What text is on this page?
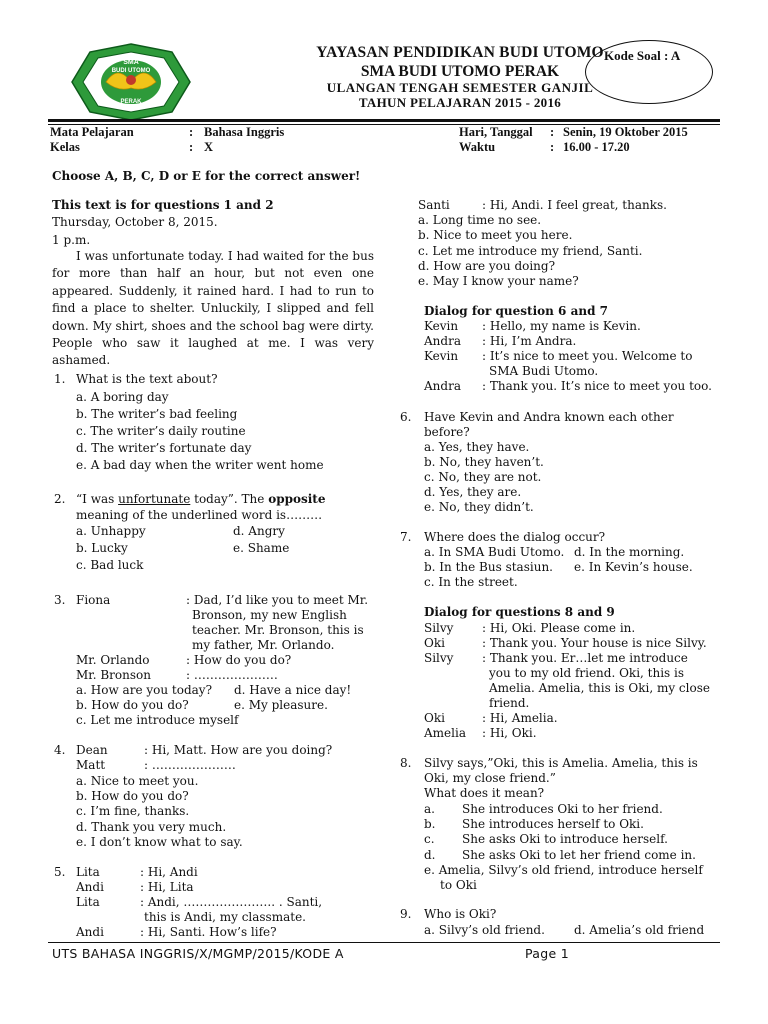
SMA
BUDI UTOMO
PERAK
YAYASAN PENDIDIKAN BUDI UTOMO
SMA BUDI UTOMO PERAK
ULANGAN TENGAH SEMESTER GANJIL
TAHUN PELAJARAN 2015 - 2016
Kode Soal : A
Mata Pelajaran	: Bahasa Inggris
Kelas	: X
Hari, Tanggal : Senin, 19 Oktober 2015
Waktu	: 16.00 - 17.20
Choose A, B, C, D or E for the correct answer!
This text is for questions 1 and 2
Thursday, October 8, 2015.
1 p.m.
I was unfortunate today. I had waited for the bus for more than half an hour, but not even one appeared. Suddenly, it rained hard. I had to run to find a place to shelter. Unluckily, I slipped and fell down. My shirt, shoes and the school bag were dirty. People who saw it laughed at me. I was very ashamed.
1. What is the text about?
a. A boring day
b. The writer’s bad feeling
c. The writer’s daily routine
d. The writer’s fortunate day
e. A bad day when the writer went home
2. “I was unfortunate today”. The opposite
meaning of the underlined word is………
a. Unhappy	d. Angry
b. Lucky	e. Shame
c. Bad luck
3. Fiona	: Dad, I’d like you to meet Mr.
Bronson, my new English
teacher. Mr. Bronson, this is
my father, Mr. Orlando.
Mr. Orlando	: How do you do?
Mr. Bronson	: …………………
a. How are you today? d. Have a nice day!
b. How do you do?	e. My pleasure.
c. Let me introduce myself
4. Dean	: Hi, Matt. How are you doing?
Matt	: …………………
a. Nice to meet you.
b. How do you do?
c. I’m fine, thanks.
d. Thank you very much.
e. I don’t know what to say.
5. Lita	: Hi, Andi
Andi	: Hi, Lita
Lita	: Andi, ………………….. . Santi,
this is Andi, my classmate.
Andi	: Hi, Santi. How’s life?
Santi	: Hi, Andi. I feel great, thanks.
a. Long time no see.
b. Nice to meet you here.
c. Let me introduce my friend, Santi.
d. How are you doing?
e. May I know your name?
Dialog for question 6 and 7
Kevin : Hello, my name is Kevin.
Andra : Hi, I’m Andra.
Kevin : It’s nice to meet you. Welcome to
SMA Budi Utomo.
Andra : Thank you. It’s nice to meet you too.
6. Have Kevin and Andra known each other
before?
a. Yes, they have.
b. No, they haven’t.
c. No, they are not.
d. Yes, they are.
e. No, they didn’t.
7. Where does the dialog occur?
a. In SMA Budi Utomo. d. In the morning.
b. In the Bus stasiun. e. In Kevin’s house.
c. In the street.
Dialog for questions 8 and 9
Silvy : Hi, Oki. Please come in.
Oki	: Thank you. Your house is nice Silvy.
Silvy : Thank you. Er…let me introduce
you to my old friend. Oki, this is
Amelia. Amelia, this is Oki, my close
friend.
Oki	: Hi, Amelia.
Amelia : Hi, Oki.
8. Silvy says,”Oki, this is Amelia. Amelia, this is
Oki, my close friend.”
What does it mean?
a. She introduces Oki to her friend.
b. She introduces herself to Oki.
c. She asks Oki to introduce herself.
d. She asks Oki to let her friend come in.
e. Amelia, Silvy’s old friend, introduce herself
to Oki
9. Who is Oki?
a. Silvy’s old friend. d. Amelia’s old friend
UTS BAHASA INGGRIS/X/MGMP/2015/KODE A	Page 1
